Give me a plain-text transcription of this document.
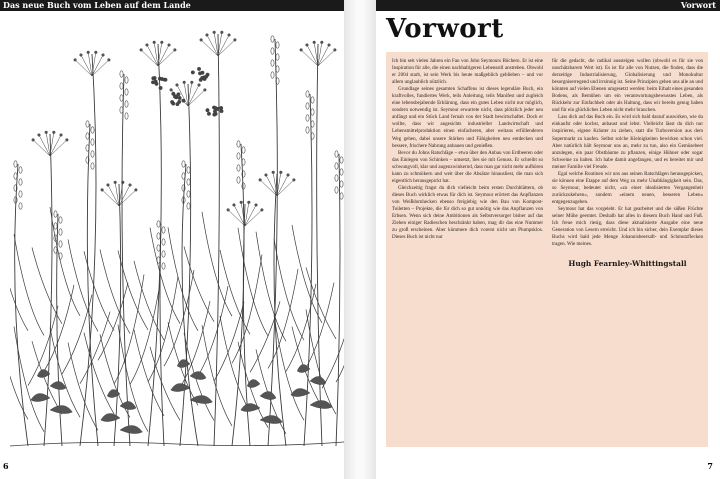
Das neue Buch vom Leben auf dem Lande
6
Vorwort
Vorwort

Ich bin seit vielen Jahren ein Fan von John Seymours Büchern. Er ist eine Inspiration für alle, die einen nachhaltigeren Lebensstil anstreben. Obwohl er 2004 starb, ist sein Werk bis heute maßgeblich geblieben – und vor allem unglaublich nützlich.

Grundlage seines gesamten Schaffens ist dieses legendäre Buch, ein kraftvolles, fundiertes Werk, teils Anleitung, teils Manifest und zugleich eine lebensbejahende Erklärung, dass ein gutes Leben nicht nur möglich, sondern notwendig ist. Seymour erwartete nicht, dass plötzlich jeder neu anfängt und ein Stück Land fernab von der Stadt bewirtschaftet. Doch er wollte, dass wir angesichts industrieller Landwirtschaft und Lebensmittelproduktion einen einfacheren, aber weitaus erfüllenderen Weg gehen, dabei unsere Stärken und Fähigkeiten neu entdecken und bessere, frischere Nahrung anbauen und genießen.

Bevor du Johns Ratschläge – etwa über den Anbau von Erdbeeren oder das Einlegen von Schinken – umsetzt, lies sie mit Genuss. Er schreibt so schwungvoll, klar und augenzwinkernd, dass man gar nicht mehr aufhören kann zu schmökern und weit über die Absätze hinausliest, die man sich eigentlich herausgepickt hat.

Gleichzeitig fragst du dich vielleicht beim ersten Durchblättern, ob dieses Buch wirklich etwas für dich ist. Seymour erörtert das Anpflanzen von Weißdornhecken ebenso freigiebig wie den Bau von Kompost-Toiletten – Projekte, die für dich so gut unnötig wie das Anpflanzen von Erbsen. Wenn sich deine Ambitionen als Selbstversorger bisher auf das Ziehen einiger Radieschen beschränkt haben, mag dir das eine Nummer zu groß erscheinen. Aber kümmere dich vorerst nicht um Plumpsklos. Dieses Buch ist nicht nur

für die gedacht, die radikal aussteigen wollen (obwohl es für sie von unschätzbarem Wert ist). Es ist für alle von Nutzen, die finden, dass die derzeitige Industrialisierung, Globalisierung und Monokultur besorgniserregend und irrsinnig ist. Seine Prinzipien gehen uns alle an und könnten auf vielen Ebenen umgesetzt werden: beim Erhalt eines gesunden Bodens, als Bemühen um ein verantwortungsbewusstes Leben, als Rückkehr zur Einfachheit oder als Haltung, dass wir bereits genug haben und für ein glückliches Leben nicht mehr brauchen.

Lass dich auf das Buch ein. Es wird sich bald darauf auswirken, wie du einkaufst oder kochst, anbaust und lebst. Vielleicht lässt du dich nur inspirieren, eigene Kräuter zu ziehen, statt die Turboversion aus dem Supermarkt zu kaufen. Selbst solche Kleinigkeiten bewirken schon viel. Aber natürlich hält Seymour uns an, mehr zu tun, also ein Gemüsebeet anzulegen, ein paar Obstbäume zu pflanzen, einige Hühner oder sogar Schweine zu halten. Ich habe damit angefangen, und es bereitet mir und meiner Familie viel Freude.

Egal welche Routinen wir uns aus seinen Ratschlägen herausgepicken, sie können eine Etappe auf dem Weg zu mehr Unabhängigkeit sein. Das, so Seymour, bedeutet nicht, »zu einer idealisierten Vergangenheit zurückzukehren«, sondern »einem neuen, besseren Leben« entgegenzugehen.

Seymour hat das vorgelebt. Er hat gearbeitet und die süßen Früchte seiner Mühe geerntet. Deshalb hat alles in diesem Buch Hand und Fuß. Ich freue mich riesig, dass diese aktualisierte Ausgabe eine neue Generation von Lesern erreicht. Und ich bin sicher, dein Exemplar dieses Buchs wird bald jede Menge Johannisbeersaft- und Schmutzflecken tragen. Wie meines.

Hugh Fearnley-Whittingstall
7
